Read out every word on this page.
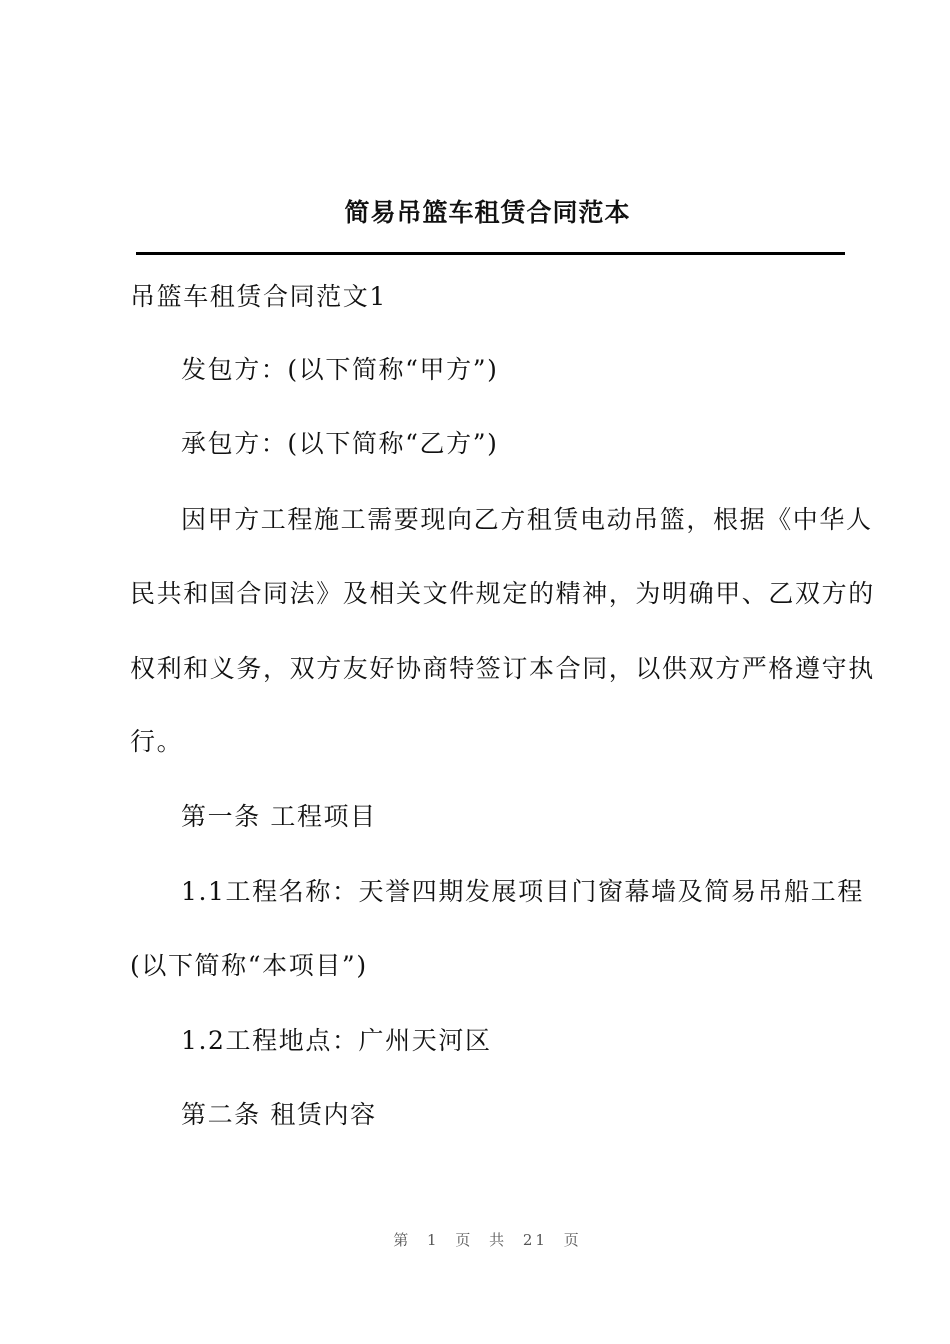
简易吊篮车租赁合同范本
吊篮车租赁合同范文1
发包方：(以下简称“甲方”)
承包方：(以下简称“乙方”)
因甲方工程施工需要现向乙方租赁电动吊篮，根据《中华人
民共和国合同法》及相关文件规定的精神，为明确甲、乙双方的
权利和义务，双方友好协商特签订本合同，以供双方严格遵守执
行。
第一条 工程项目
1.1工程名称：天誉四期发展项目门窗幕墙及简易吊船工程
(以下简称“本项目”)
1.2工程地点：广州天河区
第二条 租赁内容
第 1 页 共 21 页
